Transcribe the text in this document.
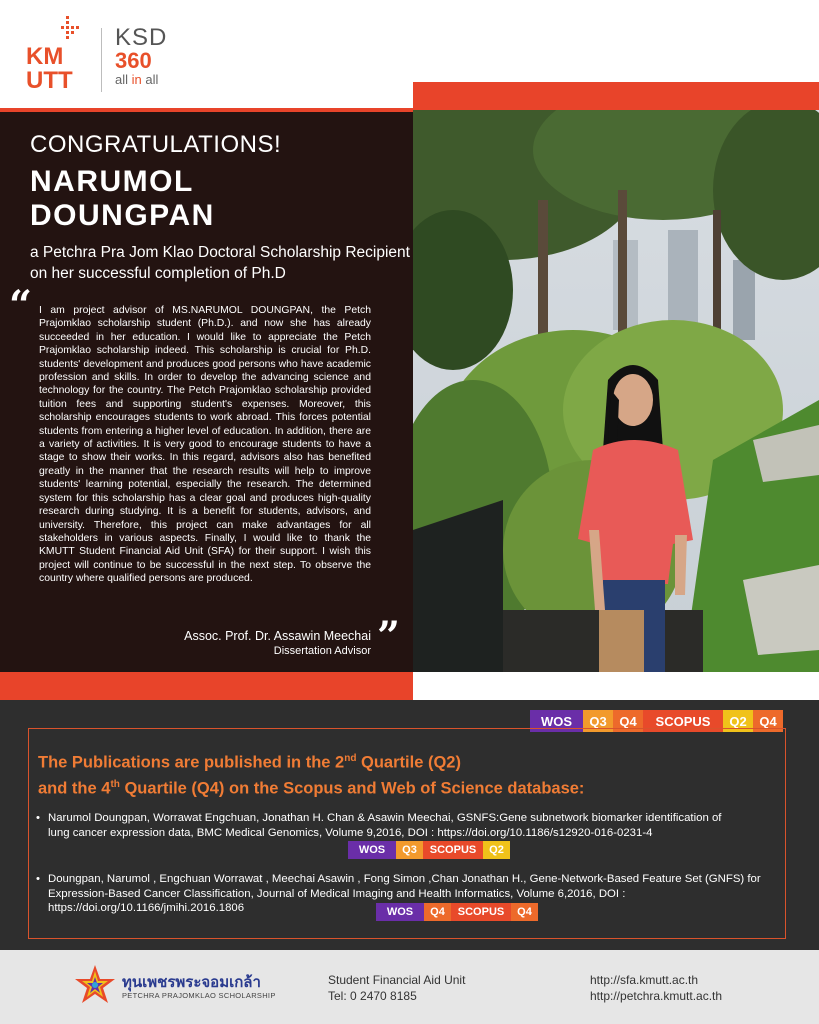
KM
UTT
KSD
360
all in all
CONGRATULATIONS!
NARUMOL
DOUNGPAN
a Petchra Pra Jom Klao Doctoral Scholarship Recipient on her successful completion of Ph.D
“ I am project advisor of MS.NARUMOL DOUNGPAN, the Petch Prajomklao scholarship student (Ph.D.). and now she has already succeeded in her education. I would like to appreciate the Petch Prajomklao scholarship indeed. This scholarship is crucial for Ph.D. students' development and produces good persons who have academic profession and skills. In order to develop the advancing science and technology for the country. The Petch Prajomklao scholarship provided tuition fees and supporting student's expenses. Moreover, this scholarship encourages students to work abroad. This forces potential students from entering a higher level of education. In addition, there are a variety of activities. It is very good to encourage students to have a stage to show their works. In this regard, advisors also has benefited greatly in the manner that the research results will help to improve students' learning potential, especially the research. The determined system for this scholarship has a clear goal and produces high-quality research during studying. It is a benefit for students, advisors, and university. Therefore, this project can make advantages for all stakeholders in various aspects. Finally, I would like to thank the KMUTT Student Financial Aid Unit (SFA) for their support. I wish this project will continue to be successful in the next step. To observe the country where qualified persons are produced.
Assoc. Prof. Dr. Assawin Meechai
Dissertation Advisor ”
WOS	Q3 Q4	SCOPUS	Q2 Q4
The Publications are published in the 2nd Quartile (Q2)
and the 4th Quartile (Q4) on the Scopus and Web of Science database:
• Narumol Doungpan, Worrawat Engchuan, Jonathan H. Chan & Asawin Meechai, GSNFS:Gene subnetwork biomarker identification of lung cancer expression data, BMC Medical Genomics, Volume 9,2016, DOI : https://doi.org/10.1186/s12920-016-0231-4
WOS	Q3	SCOPUS	Q2
• Doungpan, Narumol , Engchuan Worrawat , Meechai Asawin , Fong Simon ,Chan Jonathan H., Gene-Network-Based Feature Set (GNFS) for Expression-Based Cancer Classification, Journal of Medical Imaging and Health Informatics, Volume 6,2016, DOI : https://doi.org/10.1166/jmihi.2016.1806	WOS	Q4	SCOPUS	Q4
ทุนเพชรพระจอมเกล้า
PETCHRA PRAJOMKLAO SCHOLARSHIP
Student Financial Aid Unit
Tel: 0 2470 8185
http://sfa.kmutt.ac.th
http://petchra.kmutt.ac.th
